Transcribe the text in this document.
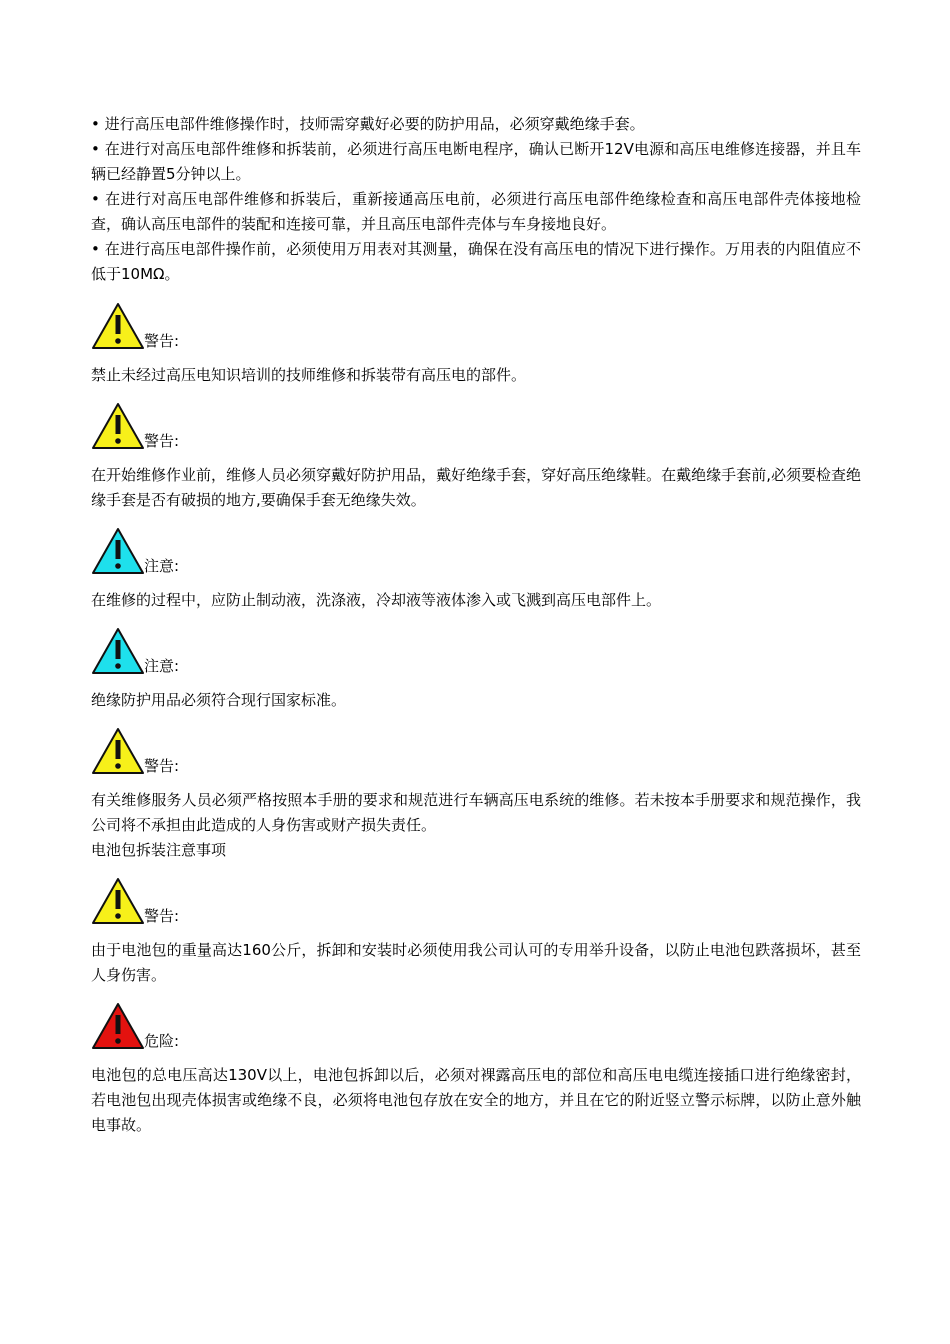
• 进行高压电部件维修操作时，技师需穿戴好必要的防护用品，必须穿戴绝缘手套。
• 在进行对高压电部件维修和拆装前，必须进行高压电断电程序，确认已断开12V电源和高压电维修连接器，并且车辆已经静置5分钟以上。
• 在进行对高压电部件维修和拆装后，重新接通高压电前，必须进行高压电部件绝缘检查和高压电部件壳体接地检查，确认高压电部件的装配和连接可靠，并且高压电部件壳体与车身接地良好。
• 在进行高压电部件操作前，必须使用万用表对其测量，确保在没有高压电的情况下进行操作。万用表的内阻值应不低于10MΩ。
警告:

禁止未经过高压电知识培训的技师维修和拆装带有高压电的部件。

警告:

在开始维修作业前，维修人员必须穿戴好防护用品，戴好绝缘手套，穿好高压绝缘鞋。在戴绝缘手套前,必须要检查绝缘手套是否有破损的地方,要确保手套无绝缘失效。

注意:

在维修的过程中，应防止制动液，洗涤液，冷却液等液体渗入或飞溅到高压电部件上。

注意:

绝缘防护用品必须符合现行国家标准。

警告:

有关维修服务人员必须严格按照本手册的要求和规范进行车辆高压电系统的维修。若未按本手册要求和规范操作，我公司将不承担由此造成的人身伤害或财产损失责任。

电池包拆装注意事项

警告:

由于电池包的重量高达160公斤，拆卸和安装时必须使用我公司认可的专用举升设备，以防止电池包跌落损坏，甚至人身伤害。

危险:

电池包的总电压高达130V以上，电池包拆卸以后，必须对裸露高压电的部位和高压电电缆连接插口进行绝缘密封，若电池包出现壳体损害或绝缘不良，必须将电池包存放在安全的地方，并且在它的附近竖立警示标牌，以防止意外触电事故。
